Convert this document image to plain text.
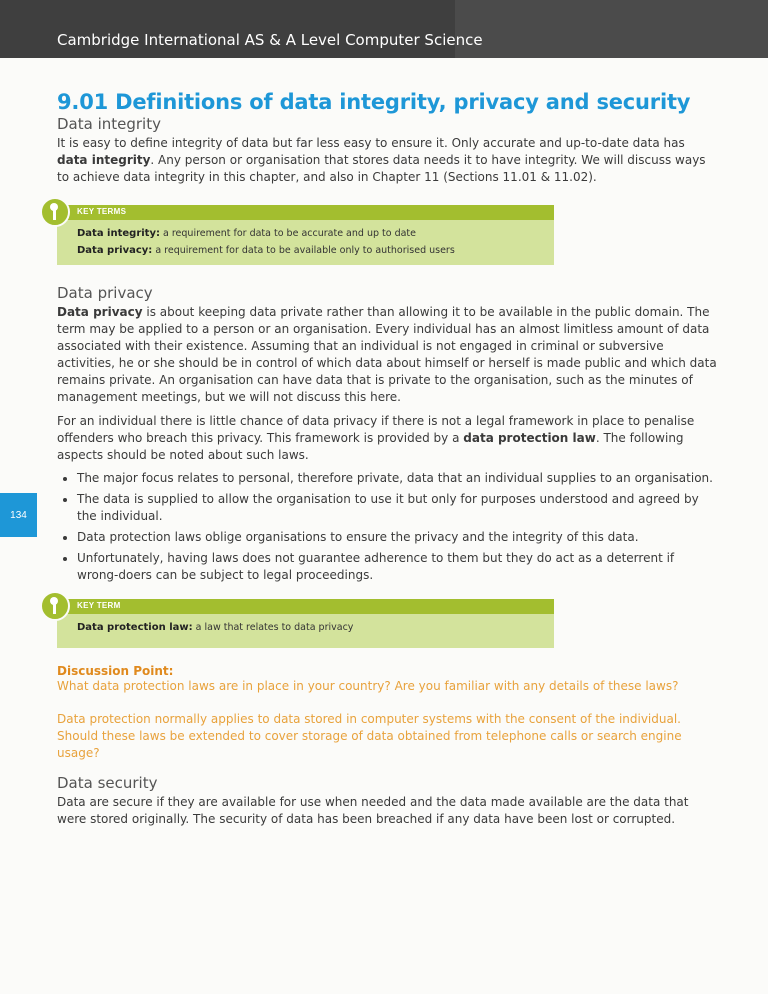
Cambridge International AS & A Level Computer Science
134
9.01 Definitions of data integrity, privacy and security
Data integrity

It is easy to define integrity of data but far less easy to ensure it. Only accurate and up-to-date data has data integrity. Any person or organisation that stores data needs it to have integrity. We will discuss ways to achieve data integrity in this chapter, and also in Chapter 11 (Sections 11.01 & 11.02).

KEY TERMS
Data integrity: a requirement for data to be accurate and up to date
Data privacy: a requirement for data to be available only to authorised users
Data privacy

Data privacy is about keeping data private rather than allowing it to be available in the public domain. The term may be applied to a person or an organisation. Every individual has an almost limitless amount of data associated with their existence. Assuming that an individual is not engaged in criminal or subversive activities, he or she should be in control of which data about himself or herself is made public and which data remains private. An organisation can have data that is private to the organisation, such as the minutes of management meetings, but we will not discuss this here.

For an individual there is little chance of data privacy if there is not a legal framework in place to penalise offenders who breach this privacy. This framework is provided by a data protection law. The following aspects should be noted about such laws.

• The major focus relates to personal, therefore private, data that an individual supplies to an organisation.
• The data is supplied to allow the organisation to use it but only for purposes understood and agreed by the individual.
• Data protection laws oblige organisations to ensure the privacy and the integrity of this data.
• Unfortunately, having laws does not guarantee adherence to them but they do act as a deterrent if wrong-doers can be subject to legal proceedings.
KEY TERM
Data protection law: a law that relates to data privacy
Discussion Point:

What data protection laws are in place in your country? Are you familiar with any details of these laws?

Data protection normally applies to data stored in computer systems with the consent of the individual. Should these laws be extended to cover storage of data obtained from telephone calls or search engine usage?

Data security

Data are secure if they are available for use when needed and the data made available are the data that were stored originally. The security of data has been breached if any data have been lost or corrupted.
